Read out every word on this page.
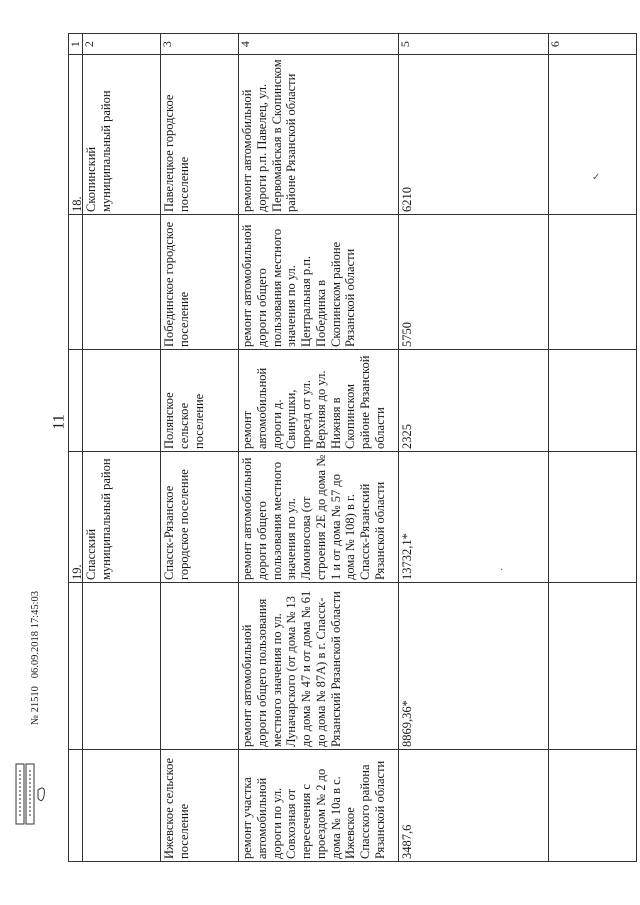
11
1	2	3	4	5	6

18.	Скопинский муниципальный район	Павелецкое городское поселение	ремонт автомобильной дороги р.п. Павелец, ул. Первомайская в Скопинском районе Рязанской области	6210	

		Побединское городское поселение	ремонт автомобильной дороги общего пользования местного значения по ул. Центральная р.п. Побединка в Скопинском районе Рязанской области	5750	

		Полянское сельское поселение	ремонт автомобильной дороги д. Свинушки, проезд от ул. Верхняя до ул. Нижняя в Скопинском районе Рязанской области	2325	

19.	Спасский муниципальный район	Спасск-Рязанское городское поселение	ремонт автомобильной дороги общего пользования местного значения по ул. Ломоносова (от строения 2Е до дома № 1 и от дома № 57 до дома № 108) в г. Спасск-Рязанский Рязанской области	13732,1*	

			ремонт автомобильной дороги общего пользования местного значения по ул. Луначарского (от дома № 13 до дома № 47 и от дома № 61 до дома № 87А) в г. Спасск-Рязанский Рязанской области	8869,36*	

		Ижевское сельское поселение	ремонт участка автомобильной дороги по ул. Совхозная от пересечения с проездом № 2 до дома № 10а в с. Ижевское Спасского района Рязанской области	3487,6	

№ 21510   06.09.2018 17:45:03
✓
·
